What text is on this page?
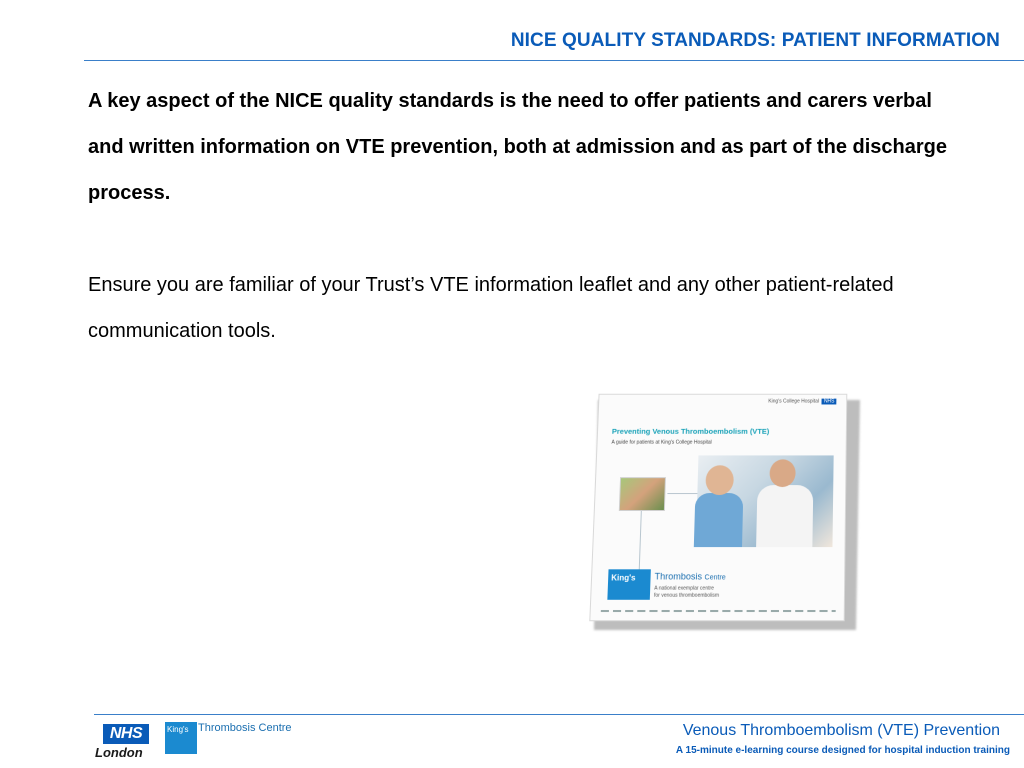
NICE QUALITY STANDARDS: PATIENT INFORMATION

A key aspect of the NICE quality standards is the need to offer patients and carers verbal and written information on VTE prevention, both at admission and as part of the discharge process.

Ensure you are familiar of your Trust’s VTE information leaflet and any other patient-related communication tools.

King's College Hospital NHS
Preventing Venous Thromboembolism (VTE)
A guide for patients at King's College Hospital
King's	Thrombosis Centre
A national exemplar centre
for venous thromboembolism
NHS
London
King's Thrombosis Centre	Venous Thromboembolism (VTE) Prevention
A 15-minute e-learning course designed for hospital induction training
